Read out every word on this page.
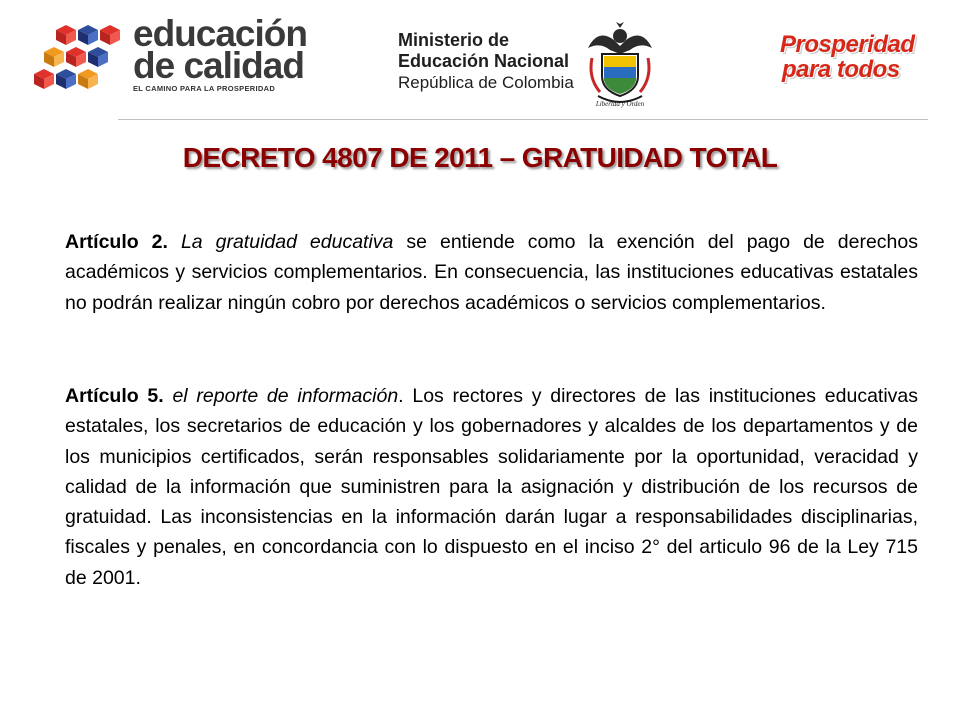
educación
de calidad
EL CAMINO PARA LA PROSPERIDAD
Ministerio de
Educación Nacional
República de Colombia
Libertad y Orden
Prosperidad
para todos
DECRETO 4807 DE 2011 – GRATUIDAD TOTAL
Artículo 2. La gratuidad educativa se entiende como la exención del pago de derechos académicos y servicios complementarios. En consecuencia, las instituciones educativas estatales no podrán realizar ningún cobro por derechos académicos o servicios complementarios.
Artículo 5. el reporte de información. Los rectores y directores de las instituciones educativas estatales, los secretarios de educación y los gobernadores y alcaldes de los departamentos y de los municipios certificados, serán responsables solidariamente por la oportunidad, veracidad y calidad de la información que suministren para la asignación y distribución de los recursos de gratuidad. Las inconsistencias en la información darán lugar a responsabilidades disciplinarias, fiscales y penales, en concordancia con lo dispuesto en el inciso 2° del articulo 96 de la Ley 715 de 2001.
